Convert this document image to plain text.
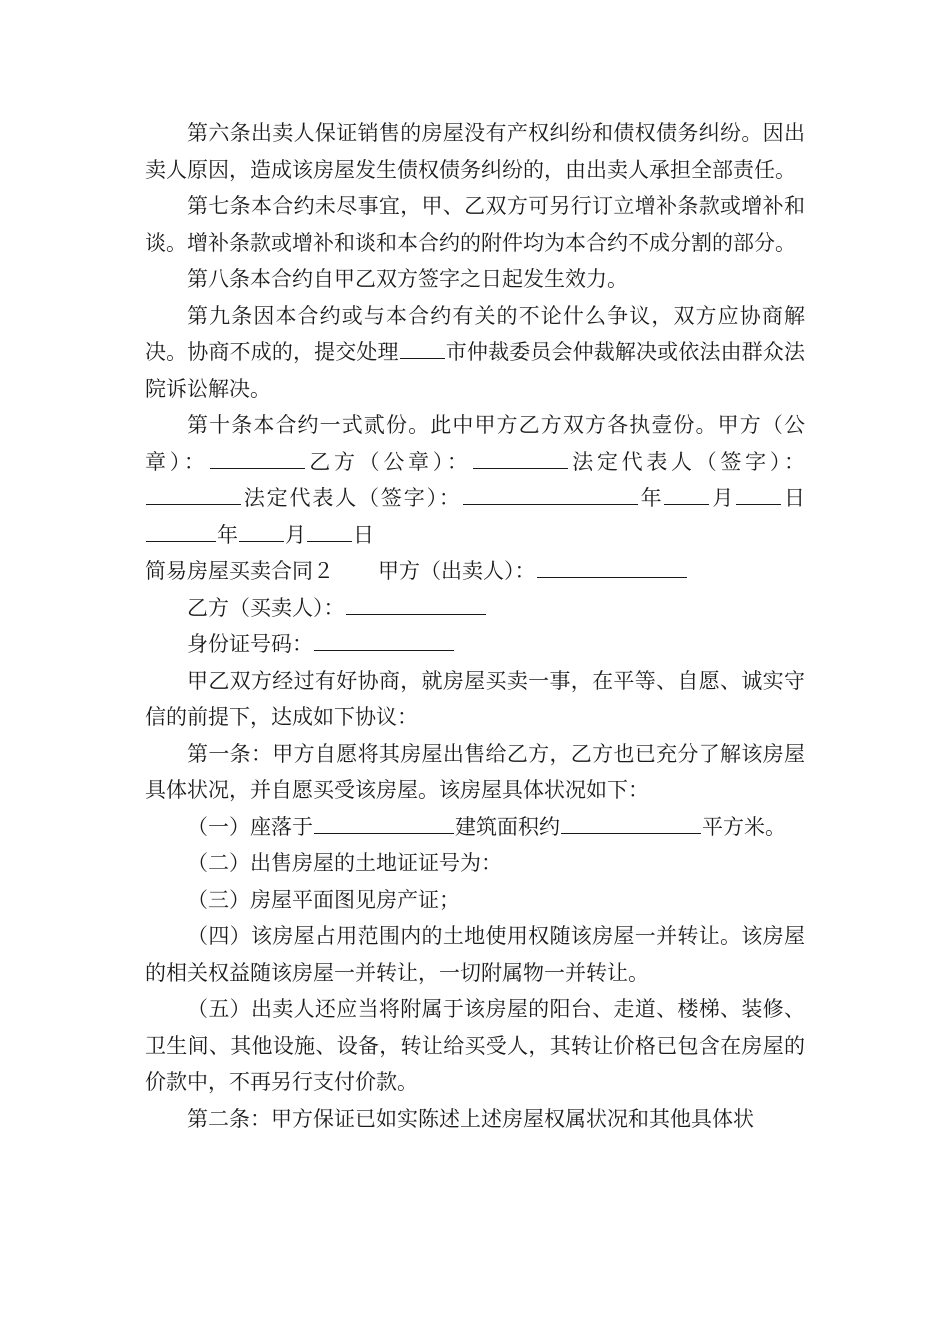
第六条出卖人保证销售的房屋没有产权纠纷和债权债务纠纷。因出卖人原因，造成该房屋发生债权债务纠纷的，由出卖人承担全部责任。

第七条本合约未尽事宜，甲、乙双方可另行订立增补条款或增补和谈。增补条款或增补和谈和本合约的附件均为本合约不成分割的部分。

第八条本合约自甲乙双方签字之日起发生效力。

第九条因本合约或与本合约有关的不论什么争议，双方应协商解决。协商不成的，提交处理 市仲裁委员会仲裁解决或依法由群众法院诉讼解决。

第十条本合约一式贰份。此中甲方乙方双方各执壹份。甲方（公章）：	乙方（公章）：	法定代表人（签字）：法定代表人（签字）：	年 月 日年 月 日

简易房屋买卖合同２ 甲方（出卖人）：

乙方（买卖人）：

身份证号码：

甲乙双方经过有好协商，就房屋买卖一事，在平等、自愿、诚实守信的前提下，达成如下协议：

第一条：甲方自愿将其房屋出售给乙方，乙方也已充分了解该房屋具体状况，并自愿买受该房屋。该房屋具体状况如下：

（一）座落于	建筑面积约	平方米。

（二）出售房屋的土地证证号为：

（三）房屋平面图见房产证；

（四）该房屋占用范围内的土地使用权随该房屋一并转让。该房屋的相关权益随该房屋一并转让，一切附属物一并转让。

（五）出卖人还应当将附属于该房屋的阳台、走道、楼梯、装修、卫生间、其他设施、设备，转让给买受人，其转让价格已包含在房屋的价款中，不再另行支付价款。

第二条：甲方保证已如实陈述上述房屋权属状况和其他具体状
